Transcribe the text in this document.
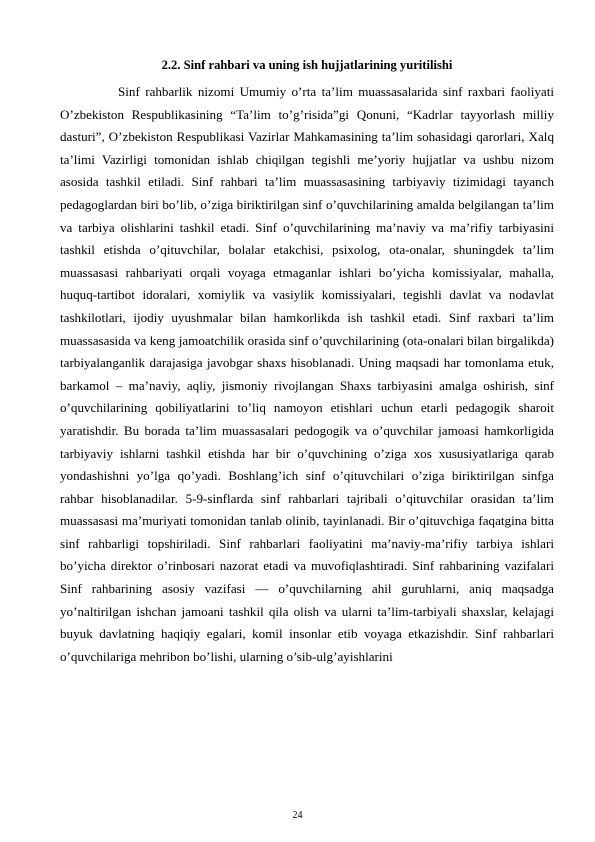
2.2. Sinf rahbari va uning ish hujjatlarining yuritilishi

Sinf rahbarlik nizomi Umumiy o’rta ta’lim muassasalarida sinf raxbari faoliyati O’zbekiston Respublikasining “Ta’lim to’g’risida”gi Qonuni, “Kadrlar tayyorlash milliy dasturi”, O’zbekiston Respublikasi Vazirlar Mahkamasining ta’lim sohasidagi qarorlari, Xalq ta’limi Vazirligi tomonidan ishlab chiqilgan tegishli me’yoriy hujjatlar va ushbu nizom asosida tashkil etiladi. Sinf rahbari ta’lim muassasasining tarbiyaviy tizimidagi tayanch pedagoglardan biri bo’lib, o’ziga biriktirilgan sinf o’quvchilarining amalda belgilangan ta’lim va tarbiya olishlarini tashkil etadi. Sinf o’quvchilarining ma’naviy va ma’rifiy tarbiyasini tashkil etishda o’qituvchilar, bolalar etakchisi, psixolog, ota-onalar, shuningdek ta’lim muassasasi rahbariyati orqali voyaga etmaganlar ishlari bo’yicha komissiyalar, mahalla, huquq-tartibot idoralari, xomiylik va vasiylik komissiyalari, tegishli davlat va nodavlat tashkilotlari, ijodiy uyushmalar bilan hamkorlikda ish tashkil etadi. Sinf raxbari ta’lim muassasasida va keng jamoatchilik orasida sinf o’quvchilarining (ota-onalari bilan birgalikda) tarbiyalanganlik darajasiga javobgar shaxs hisoblanadi. Uning maqsadi har tomonlama etuk, barkamol – ma’naviy, aqliy, jismoniy rivojlangan Shaxs tarbiyasini amalga oshirish, sinf o’quvchilarining qobiliyatlarini to’liq namoyon etishlari uchun etarli pedagogik sharoit yaratishdir. Bu borada ta’lim muassasalari pedogogik va o’quvchilar jamoasi hamkorligida tarbiyaviy ishlarni tashkil etishda har bir o’quvchining o’ziga xos xususiyatlariga qarab yondashishni yo’lga qo’yadi. Boshlang’ich sinf o’qituvchilari o’ziga biriktirilgan sinfga rahbar hisoblanadilar. 5-9-sinflarda sinf rahbarlari tajribali o’qituvchilar orasidan ta’lim muassasasi ma’muriyati tomonidan tanlab olinib, tayinlanadi. Bir o’qituvchiga faqatgina bitta sinf rahbarligi topshiriladi. Sinf rahbarlari faoliyatini ma’naviy-ma’rifiy tarbiya ishlari bo’yicha direktor o’rinbosari nazorat etadi va muvofiqlashtiradi. Sinf rahbarining vazifalari Sinf rahbarining asosiy vazifasi — o’quvchilarning ahil guruhlarni, aniq maqsadga yo’naltirilgan ishchan jamoani tashkil qila olish va ularni ta’lim-tarbiyali shaxslar, kelajagi buyuk davlatning haqiqiy egalari, komil insonlar etib voyaga etkazishdir. Sinf rahbarlari o’quvchilariga mehribon bo’lishi, ularning o’sib-ulg’ayishlarini

24
